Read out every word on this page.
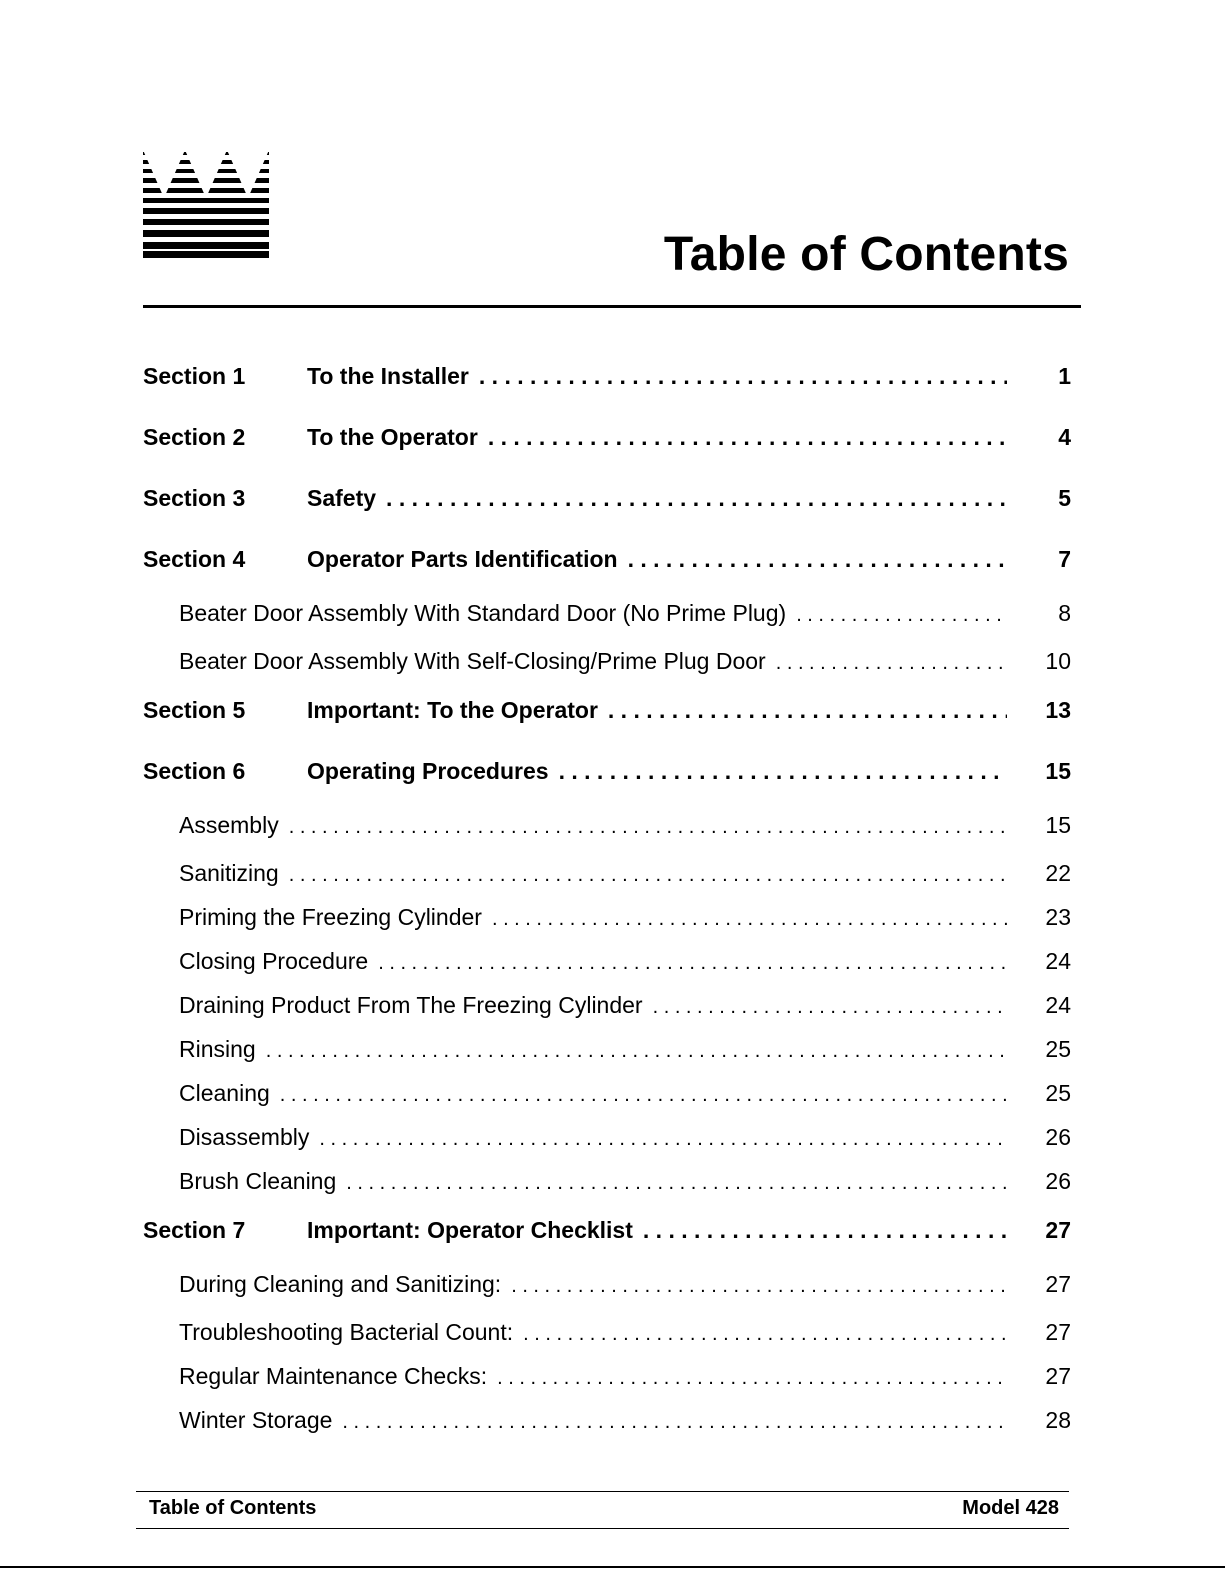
Table of Contents
Section 1	To the Installer . . .	1
Section 2	To the Operator . . .	4
Section 3	Safety . . .	5
Section 4	Operator Parts Identification . . .	7
Beater Door Assembly With Standard Door (No Prime Plug) . . .	8
Beater Door Assembly With Self-Closing/Prime Plug Door . . .	10
Section 5	Important: To the Operator . . .	13
Section 6	Operating Procedures . . .	15
Assembly . . .	15
Sanitizing . . .	22
Priming the Freezing Cylinder . . .	23
Closing Procedure . . .	24
Draining Product From The Freezing Cylinder . . .	24
Rinsing . . .	25
Cleaning . . .	25
Disassembly . . .	26
Brush Cleaning . . .	26
Section 7	Important: Operator Checklist . . .	27
During Cleaning and Sanitizing: . . .	27
Troubleshooting Bacterial Count: . . .	27
Regular Maintenance Checks: . . .	27
Winter Storage . . .	28
Table of Contents	Model 428
